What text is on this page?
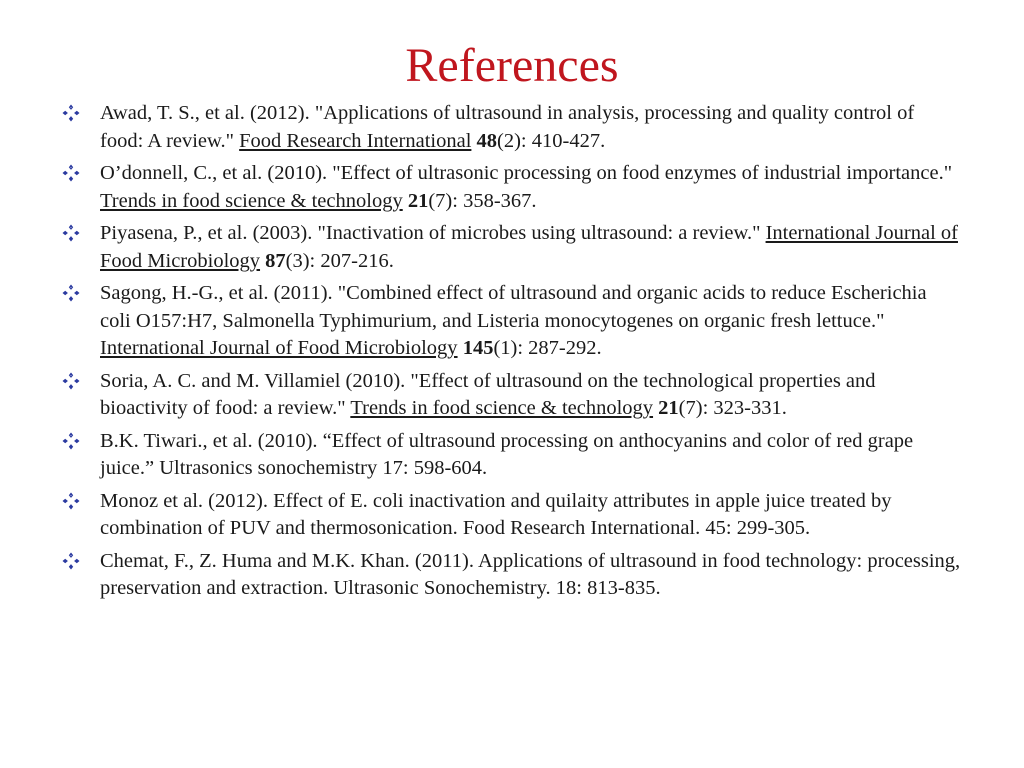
References
Awad, T. S., et al. (2012). "Applications of ultrasound in analysis, processing and quality control of food: A review." Food Research International 48(2): 410-427.
O’donnell, C., et al. (2010). "Effect of ultrasonic processing on food enzymes of industrial importance." Trends in food science & technology 21(7): 358-367.
Piyasena, P., et al. (2003). "Inactivation of microbes using ultrasound: a review." International Journal of Food Microbiology 87(3): 207-216.
Sagong, H.-G., et al. (2011). "Combined effect of ultrasound and organic acids to reduce Escherichia coli O157:H7, Salmonella Typhimurium, and Listeria monocytogenes on organic fresh lettuce." International Journal of Food Microbiology 145(1): 287-292.
Soria, A. C. and M. Villamiel (2010). "Effect of ultrasound on the technological properties and bioactivity of food: a review." Trends in food science & technology 21(7): 323-331.
B.K. Tiwari., et al. (2010). “Effect of ultrasound processing on anthocyanins and color of red grape juice.” Ultrasonics sonochemistry 17: 598-604.
Monoz et al. (2012). Effect of E. coli inactivation and quilaity attributes in apple juice treated by combination of PUV and thermosonication. Food Research International. 45: 299-305.
Chemat, F., Z. Huma and M.K. Khan. (2011). Applications of ultrasound in food technology: processing, preservation and extraction. Ultrasonic Sonochemistry. 18: 813-835.
